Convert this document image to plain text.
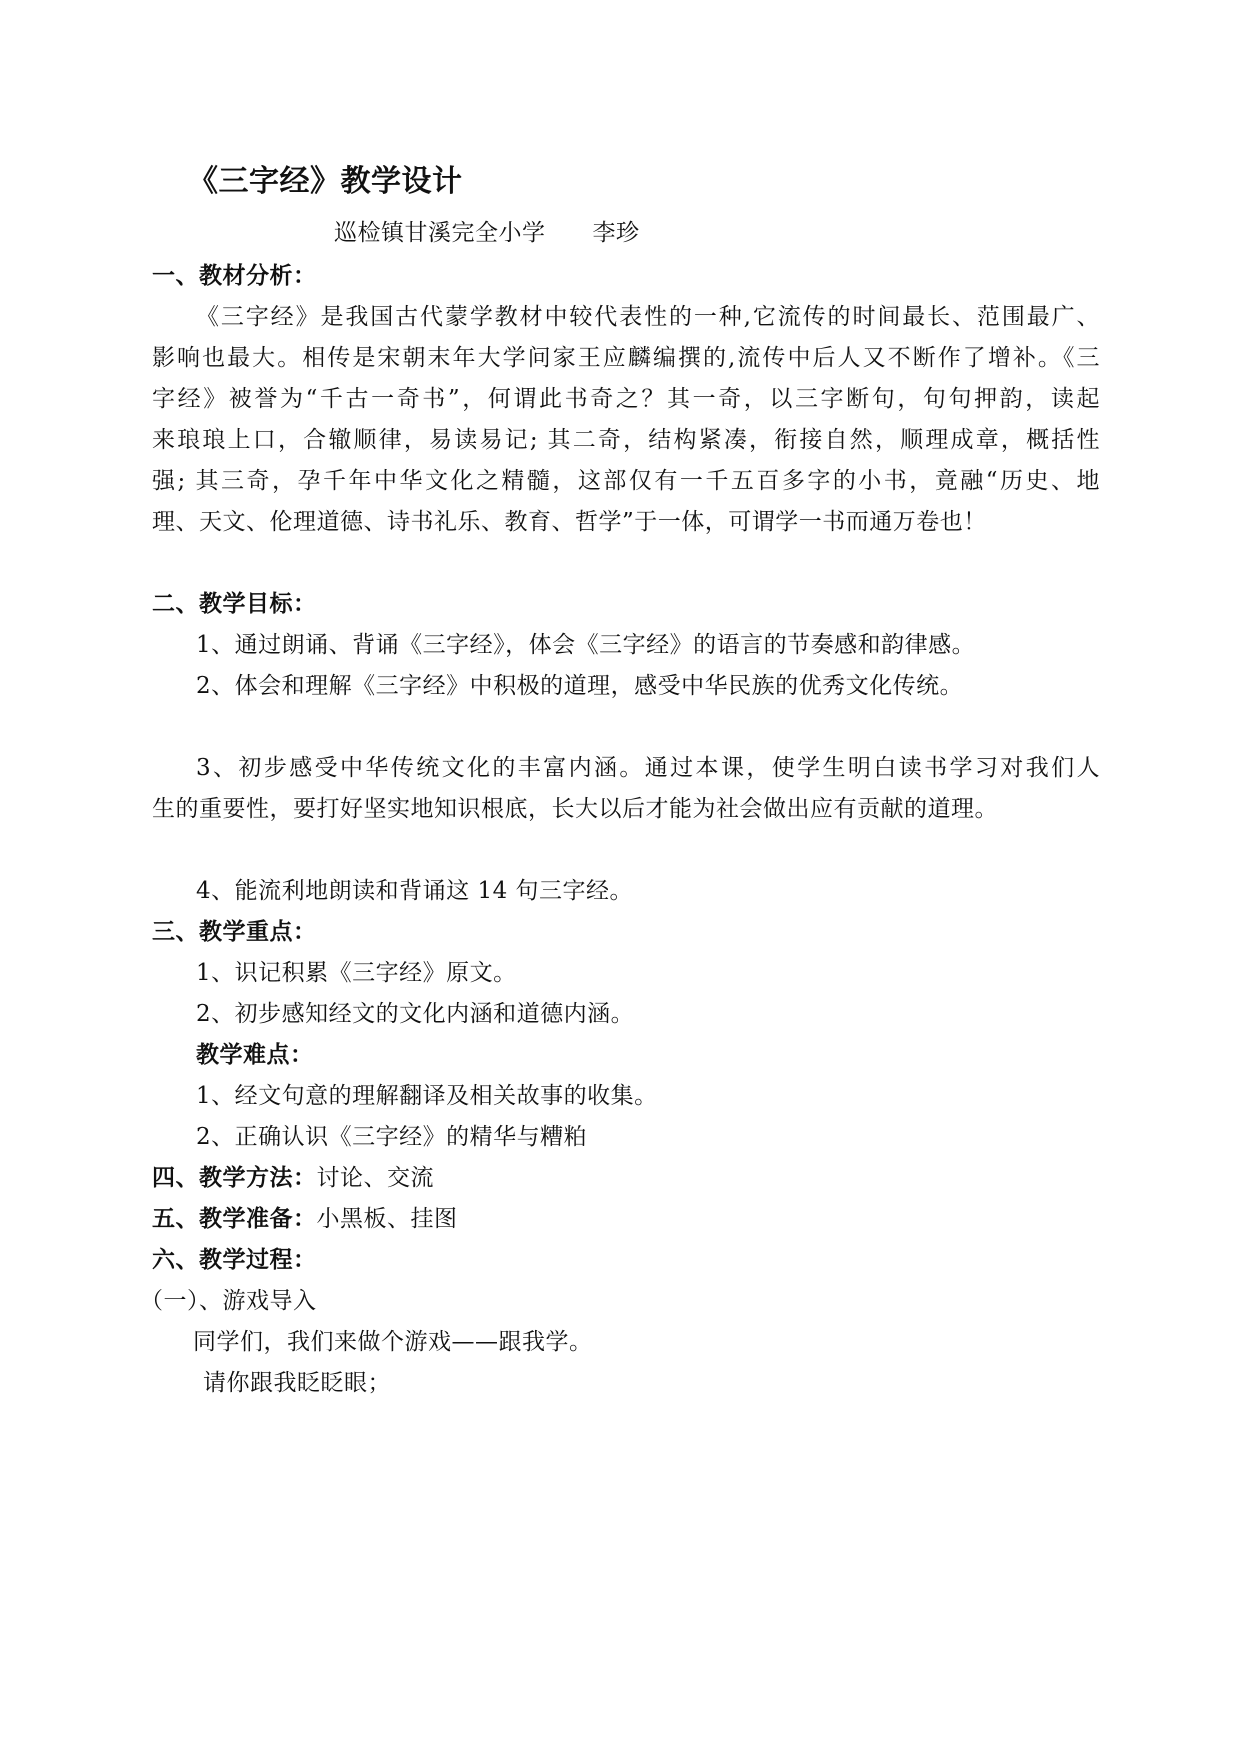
《三字经》教学设计
巡检镇甘溪完全小学　　李珍
一、教材分析：
《三字经》是我国古代蒙学教材中较代表性的一种,它流传的时间最长、范围最广、
影响也最大。相传是宋朝末年大学问家王应麟编撰的,流传中后人又不断作了增补。《三
字经》被誉为“千古一奇书”，何谓此书奇之？其一奇，以三字断句，句句押韵，读起
来琅琅上口，合辙顺律，易读易记; 其二奇，结构紧凑，衔接自然，顺理成章，概括性
强; 其三奇，孕千年中华文化之精髓，这部仅有一千五百多字的小书，竟融“历史、地
理、天文、伦理道德、诗书礼乐、教育、哲学”于一体，可谓学一书而通万卷也！
二、教学目标：
1、通过朗诵、背诵《三字经》，体会《三字经》的语言的节奏感和韵律感。
2、体会和理解《三字经》中积极的道理，感受中华民族的优秀文化传统。
3、初步感受中华传统文化的丰富内涵。通过本课，使学生明白读书学习对我们人
生的重要性，要打好坚实地知识根底，长大以后才能为社会做出应有贡献的道理。
4、能流利地朗读和背诵这 14 句三字经。
三、教学重点：
1、识记积累《三字经》原文。
2、初步感知经文的文化内涵和道德内涵。
教学难点：
1、经文句意的理解翻译及相关故事的收集。
2、正确认识《三字经》的精华与糟粕
四、教学方法：讨论、交流
五、教学准备：小黑板、挂图
六、教学过程：
（一）、游戏导入
同学们，我们来做个游戏——跟我学。
请你跟我眨眨眼；
